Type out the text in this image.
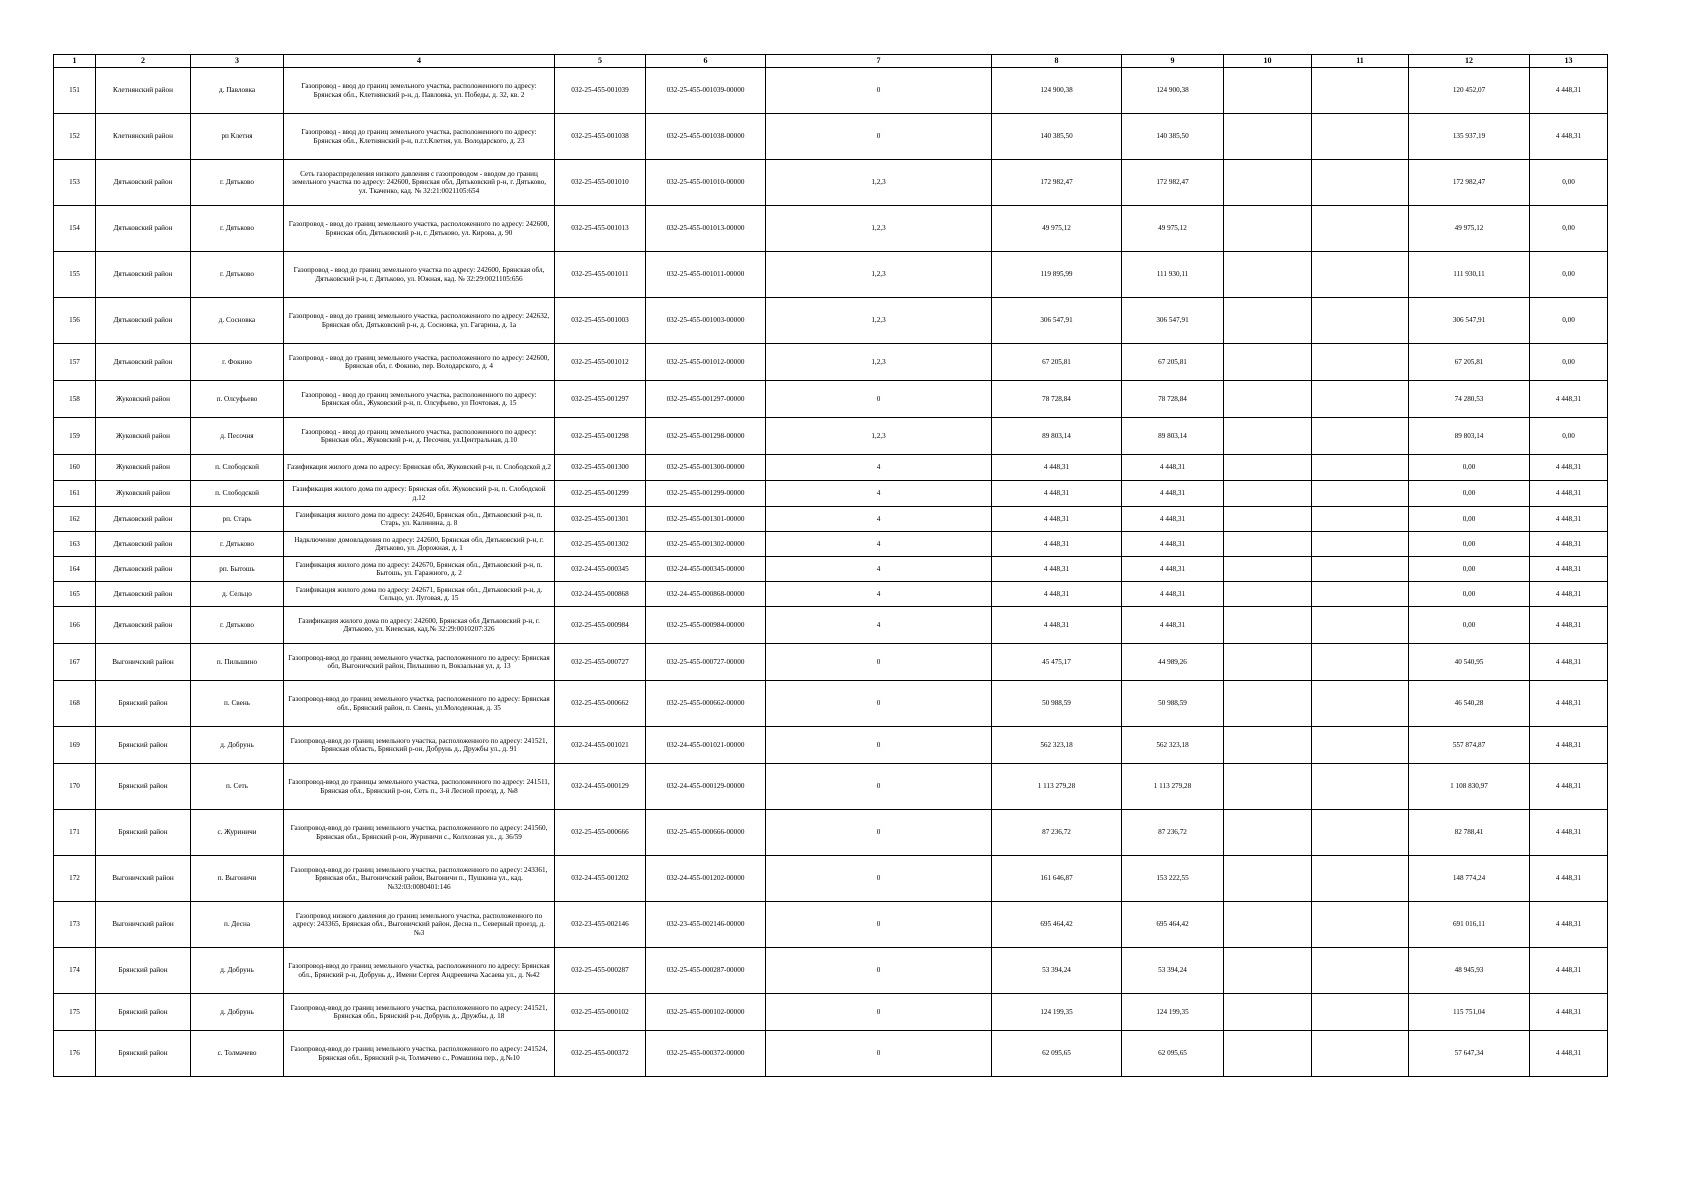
1	2	3	4	5	6	7	8	9	10	11	12	13
151	Клетнянский район	д. Павловка	Газопровод - ввод до границ земельного участка, расположенного по адресу: Брянская обл., Клетнянский р-н, д. Павловка, ул. Победы, д. 32, кв. 2	032-25-455-001039	032-25-455-001039-00000	0	124 900,38	124 900,38			120 452,07	4 448,31
152	Клетнянский район	рп Клетня	Газопровод - ввод до границ земельного участка, расположенного по адресу: Брянская обл., Клетнянский р-н, п.г.т.Клетня, ул. Володарского, д. 23	032-25-455-001038	032-25-455-001038-00000	0	140 385,50	140 385,50			135 937,19	4 448,31
153	Дятьковский район	г. Дятьково	Сеть газораспределения низкого давления с газопроводом - вводом до границ земельного участка по адресу: 242600, Брянская обл, Дятьковский р-н, г. Дятьково, ул. Ткаченко, кад. № 32:21:0021105:654	032-25-455-001010	032-25-455-001010-00000	1,2,3	172 982,47	172 982,47			172 982,47	0,00
154	Дятьковский район	г. Дятьково	Газопровод - ввод до границ земельного участка, расположенного по адресу: 242600, Брянская обл, Дятьковский р-н, г. Дятьково, ул. Кирова, д. 90	032-25-455-001013	032-25-455-001013-00000	1,2,3	49 975,12	49 975,12			49 975,12	0,00
155	Дятьковский район	г. Дятьково	Газопровод - ввод до границ земельного участка по адресу: 242600, Брянская обл, Дятьковский р-н, г. Дятьково, ул. Южная, кад. № 32:29:0021105:656	032-25-455-001011	032-25-455-001011-00000	1,2,3	119 895,99	111 930,11			111 930,11	0,00
156	Дятьковский район	д. Сосновка	Газопровод - ввод до границ земельного участка, расположенного по адресу: 242632, Брянская обл, Дятьковский р-н, д. Сосновка, ул. Гагарина, д. 1а	032-25-455-001003	032-25-455-001003-00000	1,2,3	306 547,91	306 547,91			306 547,91	0,00
157	Дятьковский район	г. Фокино	Газопровод - ввод до границ земельного участка, расположенного по адресу: 242600, Брянская обл, г. Фокино, пер. Володарского, д. 4	032-25-455-001012	032-25-455-001012-00000	1,2,3	67 205,81	67 205,81			67 205,81	0,00
158	Жуковский район	п. Олсуфьево	Газопровод - ввод до границ земельного участка, расположенного по адресу: Брянская обл., Жуковский р-н, п. Олсуфьево, ул Почтовая, д. 15	032-25-455-001297	032-25-455-001297-00000	0	78 728,84	78 728,84			74 280,53	4 448,31
159	Жуковский район	д. Песочня	Газопровод - ввод до границ земельного участка, расположенного по адресу: Брянская обл., Жуковский р-н, д. Песочня, ул.Центральная, д.10	032-25-455-001298	032-25-455-001298-00000	1,2,3	89 803,14	89 803,14			89 803,14	0,00
160	Жуковский район	п. Слободской	Газификация жилого дома по адресу: Брянская обл, Жуковский р-н, п. Слободской д.2	032-25-455-001300	032-25-455-001300-00000	4	4 448,31	4 448,31			0,00	4 448,31
161	Жуковский район	п. Слободской	Газификация жилого дома по адресу: Брянская обл. Жуковский р-н, п. Слободской д.12	032-25-455-001299	032-25-455-001299-00000	4	4 448,31	4 448,31			0,00	4 448,31
162	Дятьковский район	рп. Старь	Газификация жилого дома по адресу: 242640, Брянская обл., Дятьковский р-н, п. Старь, ул. Калинина, д. 8	032-25-455-001301	032-25-455-001301-00000	4	4 448,31	4 448,31			0,00	4 448,31
163	Дятьковский район	г. Дятьково	Надключение домовладения по адресу: 242600, Брянская обл, Дятьковский р-н, г. Дятьково, ул. Дорожная, д. 1	032-25-455-001302	032-25-455-001302-00000	4	4 448,31	4 448,31			0,00	4 448,31
164	Дятьковский район	рп. Бытошь	Газификация жилого дома по адресу: 242670, Брянская обл., Дятьковский р-н, п. Бытошь, ул. Гаражного, д. 2	032-24-455-000345	032-24-455-000345-00000	4	4 448,31	4 448,31			0,00	4 448,31
165	Дятьковский район	д. Сельцо	Газификация жилого дома по адресу: 242671, Брянская обл., Дятьковский р-н, д. Сельцо, ул. Луговая, д. 15	032-24-455-000868	032-24-455-000868-00000	4	4 448,31	4 448,31			0,00	4 448,31
166	Дятьковский район	г. Дятьково	Газификация жилого дома по адресу: 242600, Брянская обл Дятьковский р-н, г. Дятьково, ул. Киевская, кад.№ 32:29:0010207:326	032-25-455-000984	032-25-455-000984-00000	4	4 448,31	4 448,31			0,00	4 448,31
167	Выгоничский район	п. Пильшино	Газопровод-ввод до границ земельного участка, расположенного по адресу: Брянская обл, Выгоничский район, Пильшино п, Вокзальная ул, д. 13	032-25-455-000727	032-25-455-000727-00000	0	45 475,17	44 989,26			40 540,95	4 448,31
168	Брянский район	п. Свень	Газопровод-ввод до границ земельного участка, расположенного по адресу: Брянская обл., Брянский район, п. Свень, ул.Молодежная, д. 35	032-25-455-000662	032-25-455-000662-00000	0	50 988,59	50 988,59			46 540,28	4 448,31
169	Брянский район	д. Добрунь	Газопровод-ввод до границ земельного участка, расположенного по адресу: 241521, Брянская область, Брянский р-он, Добрунь д., Дружбы ул., д. 91	032-24-455-001021	032-24-455-001021-00000	0	562 323,18	562 323,18			557 874,87	4 448,31
170	Брянский район	п. Сеть	Газопровод-ввод до границы земельного участка, расположенного по адресу: 241511, Брянская обл., Брянский р-он, Сеть п., 3-й Лесной проезд, д. №8	032-24-455-000129	032-24-455-000129-00000	0	1 113 279,28	1 113 279,28			1 108 830,97	4 448,31
171	Брянский район	с. Журиничи	Газопровод-ввод до границ земельного участка, расположенного по адресу: 241560, Брянская обл., Брянский р-он, Журиничи с., Колхозная ул., д. 36/59	032-25-455-000666	032-25-455-000666-00000	0	87 236,72	87 236,72			82 788,41	4 448,31
172	Выгоничский район	п. Выгоничи	Газопровод-ввод до границ земельного участка, расположенного по адресу: 243361, Брянская обл., Выгоничский район, Выгоничи п., Пушкина ул., кад. №32:03:0080401:146	032-24-455-001202	032-24-455-001202-00000	0	161 646,87	153 222,55			148 774,24	4 448,31
173	Выгоничский район	п. Десна	Газопровод низкого давления до границ земельного участка, расположенного по адресу: 243365, Брянская обл., Выгоничский район, Десна п., Северный проезд, д. №3	032-23-455-002146	032-23-455-002146-00000	0	695 464,42	695 464,42			691 016,11	4 448,31
174	Брянский район	д. Добрунь	Газопровод-ввод до границ земельного участка, расположенного по адресу: Брянская обл., Брянский р-н, Добрунь д., Имени Сергея Андреевича Хасаева ул., д. №42	032-25-455-000287	032-25-455-000287-00000	0	53 394,24	53 394,24			48 945,93	4 448,31
175	Брянский район	д. Добрунь	Газопровод-ввод до границ земельного участка, расположенного по адресу: 241521, Брянская обл., Брянский р-н, Добрунь д., Дружбы, д. 18	032-25-455-000102	032-25-455-000102-00000	0	124 199,35	124 199,35			115 751,04	4 448,31
176	Брянский район	с. Толмачево	Газопровод-ввод до границ земельного участка, расположенного по адресу: 241524, Брянская обл., Брянский р-н, Толмачево с., Ромашина пер., д.№10	032-25-455-000372	032-25-455-000372-00000	0	62 095,65	62 095,65			57 647,34	4 448,31
